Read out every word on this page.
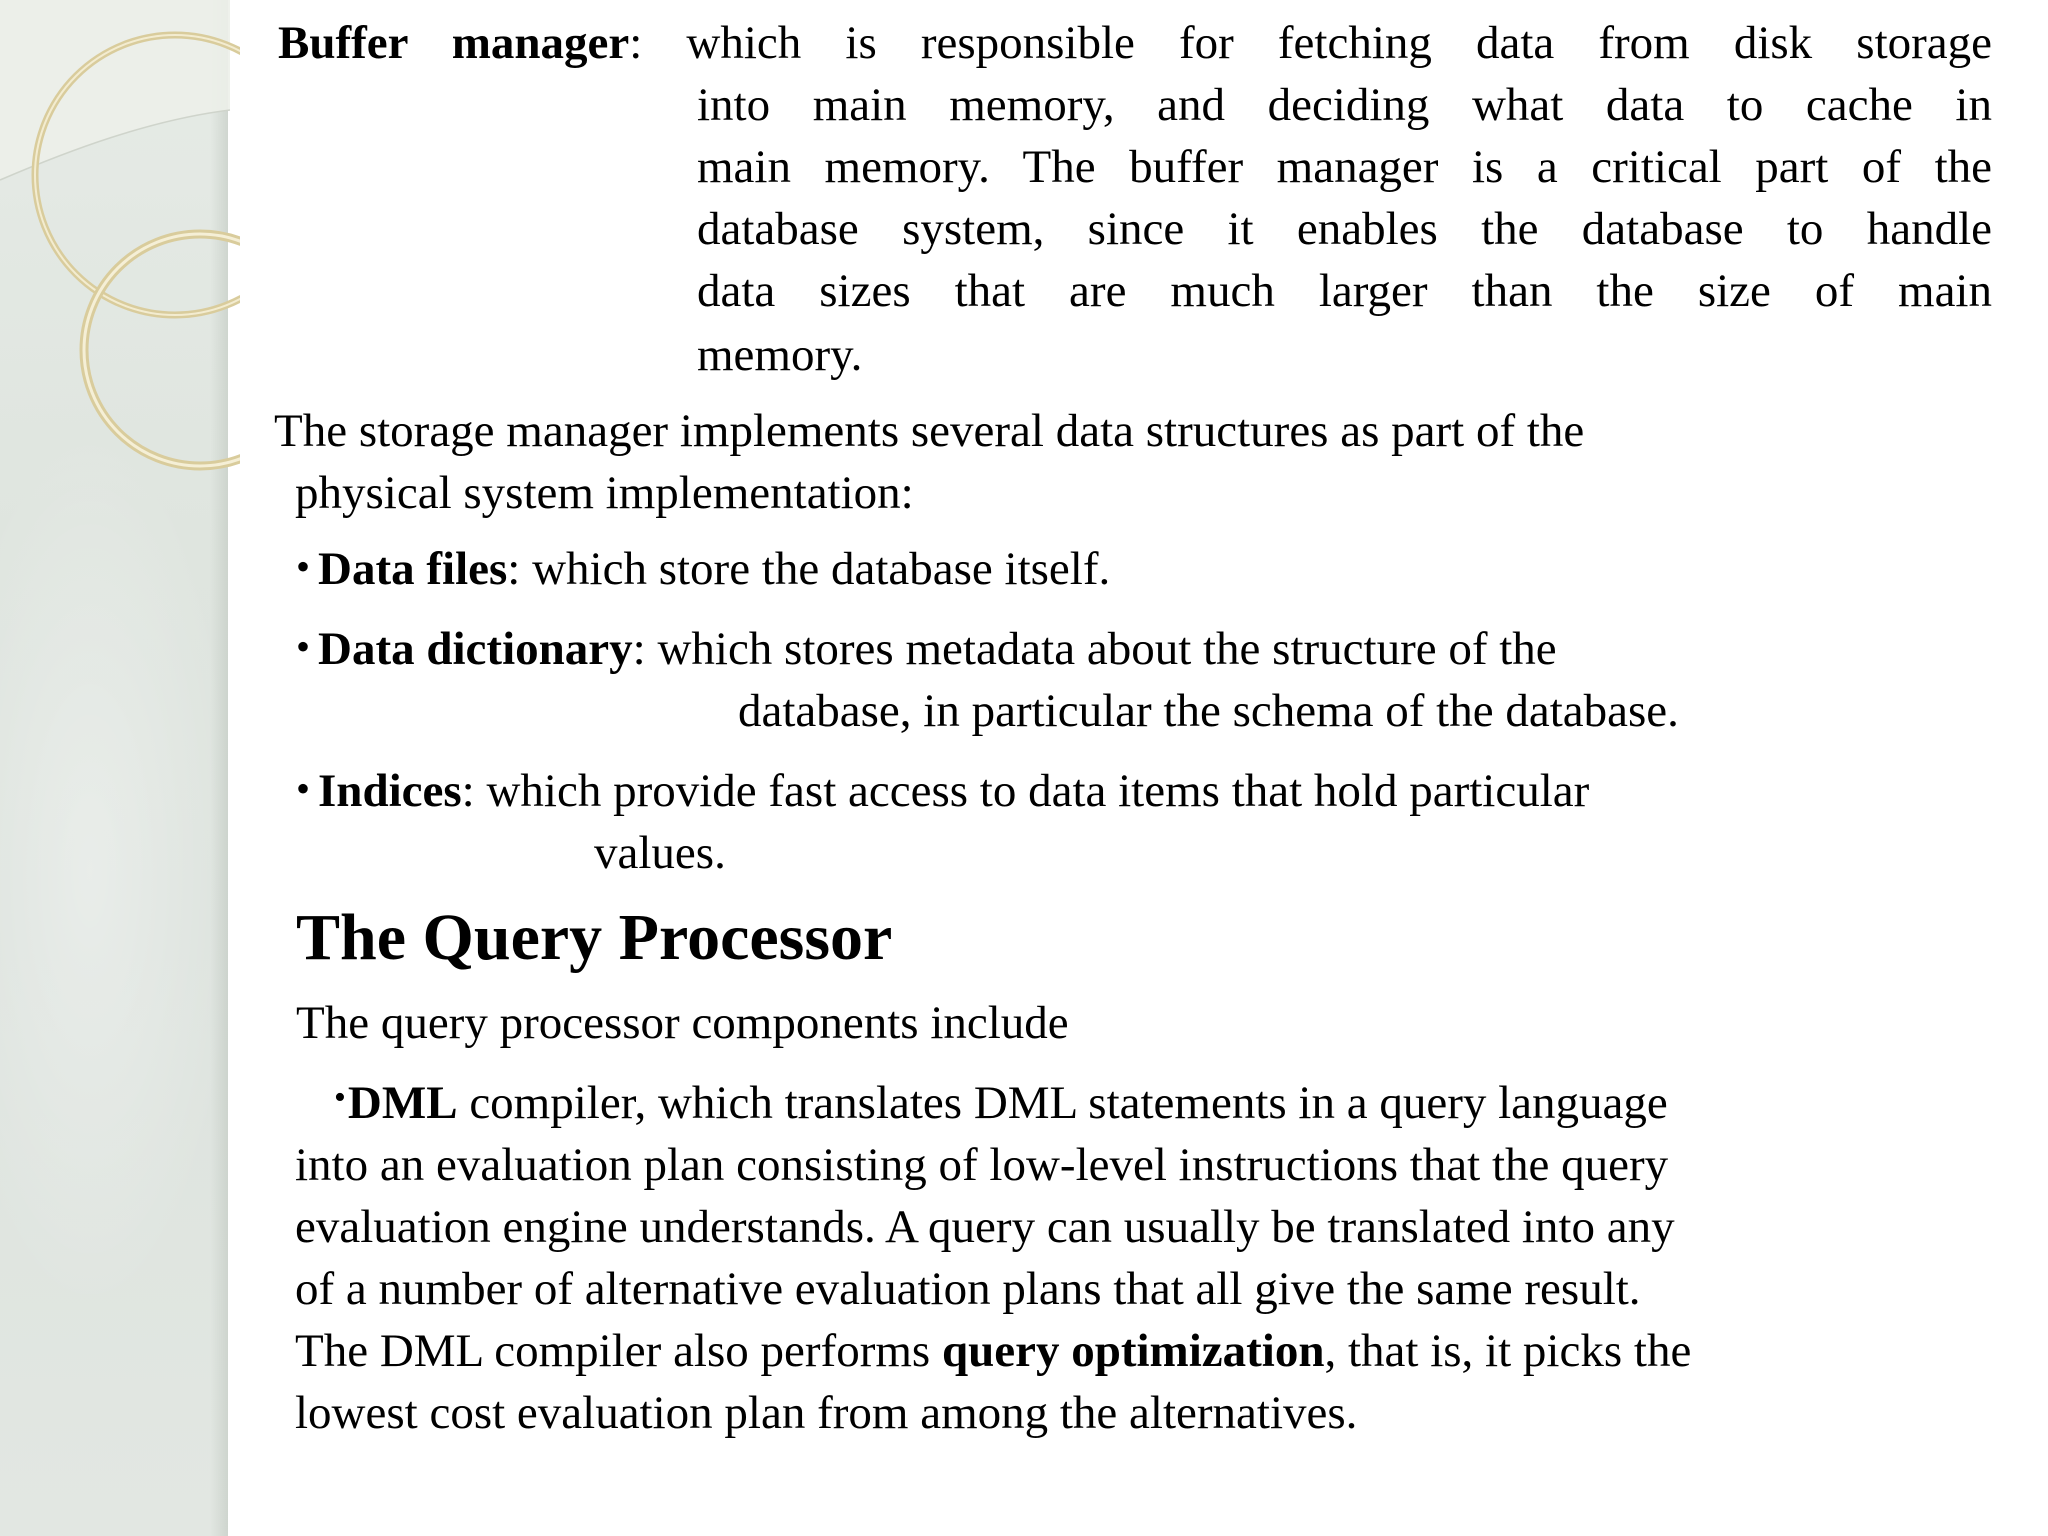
Buffer manager: which is responsible for fetching data from disk storage
into main memory, and deciding what data to cache in
main memory. The buffer manager is a critical part of the
database system, since it enables the database to handle
data sizes that are much larger than the size of main
memory.
The storage manager implements several data structures as part of the
physical system implementation:
• Data files: which store the database itself.
• Data dictionary: which stores metadata about the structure of the
database, in particular the schema of the database.
• Indices: which provide fast access to data items that hold particular
values.
The Query Processor
The query processor components include
•DML compiler, which translates DML statements in a query language
into an evaluation plan consisting of low-level instructions that the query
evaluation engine understands. A query can usually be translated into any
of a number of alternative evaluation plans that all give the same result.
The DML compiler also performs query optimization, that is, it picks the
lowest cost evaluation plan from among the alternatives.
